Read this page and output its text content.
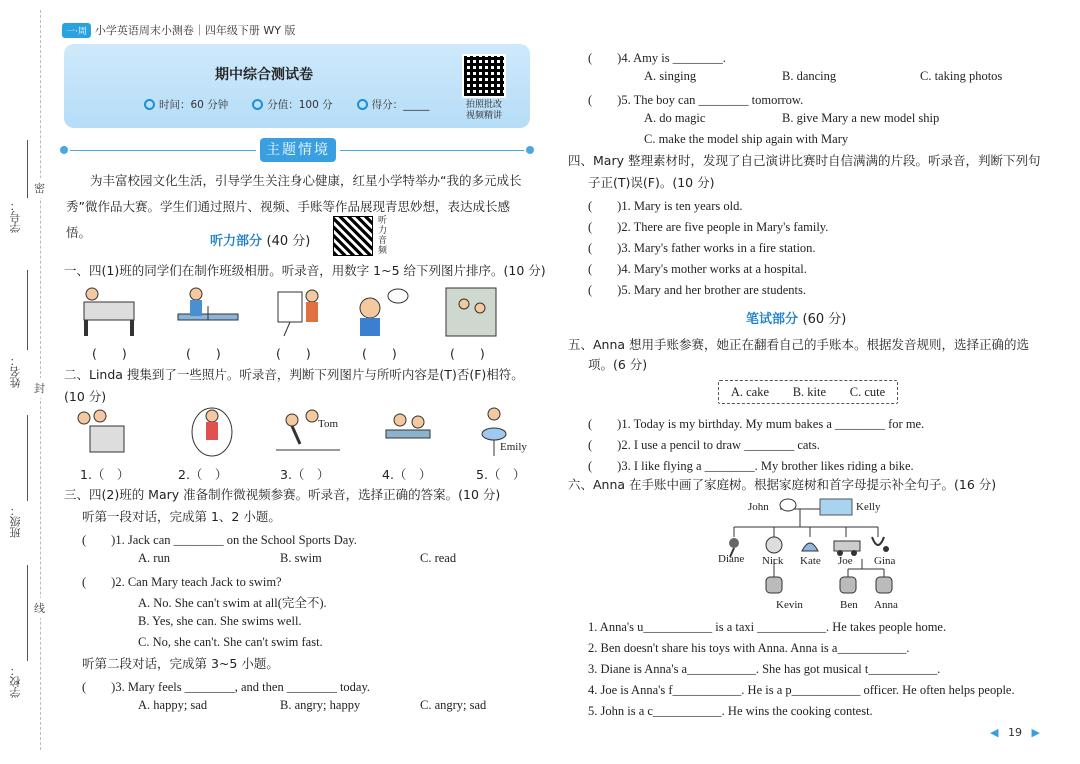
密
封
线
学号：
姓名：
班级：
学校：
一·周 小学英语周末小测卷｜四年级下册 WY 版
期中综合测试卷
时间：60 分钟	分值：100 分	得分：_____	拍照批改
视频精讲
主题情境
为丰富校园文化生活，引导学生关注身心健康，红星小学特举办“我的多元成长秀”微作品大赛。学生们通过照片、视频、手账等作品展现青思妙想，表达成长感悟。
听力部分 (40 分)
听力音频
一、四(1)班的同学们在制作班级相册。听录音，用数字 1~5 给下列图片排序。(10 分)
(　　)	(　　)	(　　)	(　　)	(　　)
二、Linda 搜集到了一些照片。听录音，判断下列图片与所听内容是(T)否(F)相符。(10 分)
Tom
Emily
1.（　）	2.（　）	3.（　）	4.（　）	5.（　）
三、四(2)班的 Mary 准备制作微视频参赛。听录音，选择正确的答案。(10 分)
听第一段对话，完成第 1、2 小题。
(　　)1. Jack can ________ on the School Sports Day.
A. run	B. swim	C. read
(　　)2. Can Mary teach Jack to swim?
A. No. She can't swim at all(完全不).
B. Yes, she can. She swims well.
C. No, she can't. She can't swim fast.
听第二段对话，完成第 3~5 小题。
(　　)3. Mary feels ________, and then ________ today.
A. happy; sad	B. angry; happy	C. angry; sad
(　　)4. Amy is ________.
A. singing	B. dancing	C. taking photos
(　　)5. The boy can ________ tomorrow.
A. do magic	B. give Mary a new model ship
C. make the model ship again with Mary
四、Mary 整理素材时，发现了自己演讲比赛时自信满满的片段。听录音，判断下列句
子正(T)误(F)。(10 分)
(　　)1. Mary is ten years old.
(　　)2. There are five people in Mary's family.
(　　)3. Mary's father works in a fire station.
(　　)4. Mary's mother works at a hospital.
(　　)5. Mary and her brother are students.
笔试部分 (60 分)
五、Anna 想用手账参赛，她正在翻看自己的手账本。根据发音规则，选择正确的选
项。(6 分)
A. cake B. kite C. cute
(　　)1. Today is my birthday. My mum bakes a ________ for me.
(　　)2. I use a pencil to draw ________ cats.
(　　)3. I like flying a ________. My brother likes riding a bike.
六、Anna 在手账中画了家庭树。根据家庭树和首字母提示补全句子。(16 分)
John	Kelly
Diane Nick Kate Joe Gina
Kevin	Ben Anna
1. Anna's u___________ is a taxi ___________. He takes people home.
2. Ben doesn't share his toys with Anna. Anna is a___________.
3. Diane is Anna's a___________. She has got musical t___________.
4. Joe is Anna's f___________. He is a p___________ officer. He often helps people.
5. John is a c___________. He wins the cooking contest.
◀ 19 ▶
